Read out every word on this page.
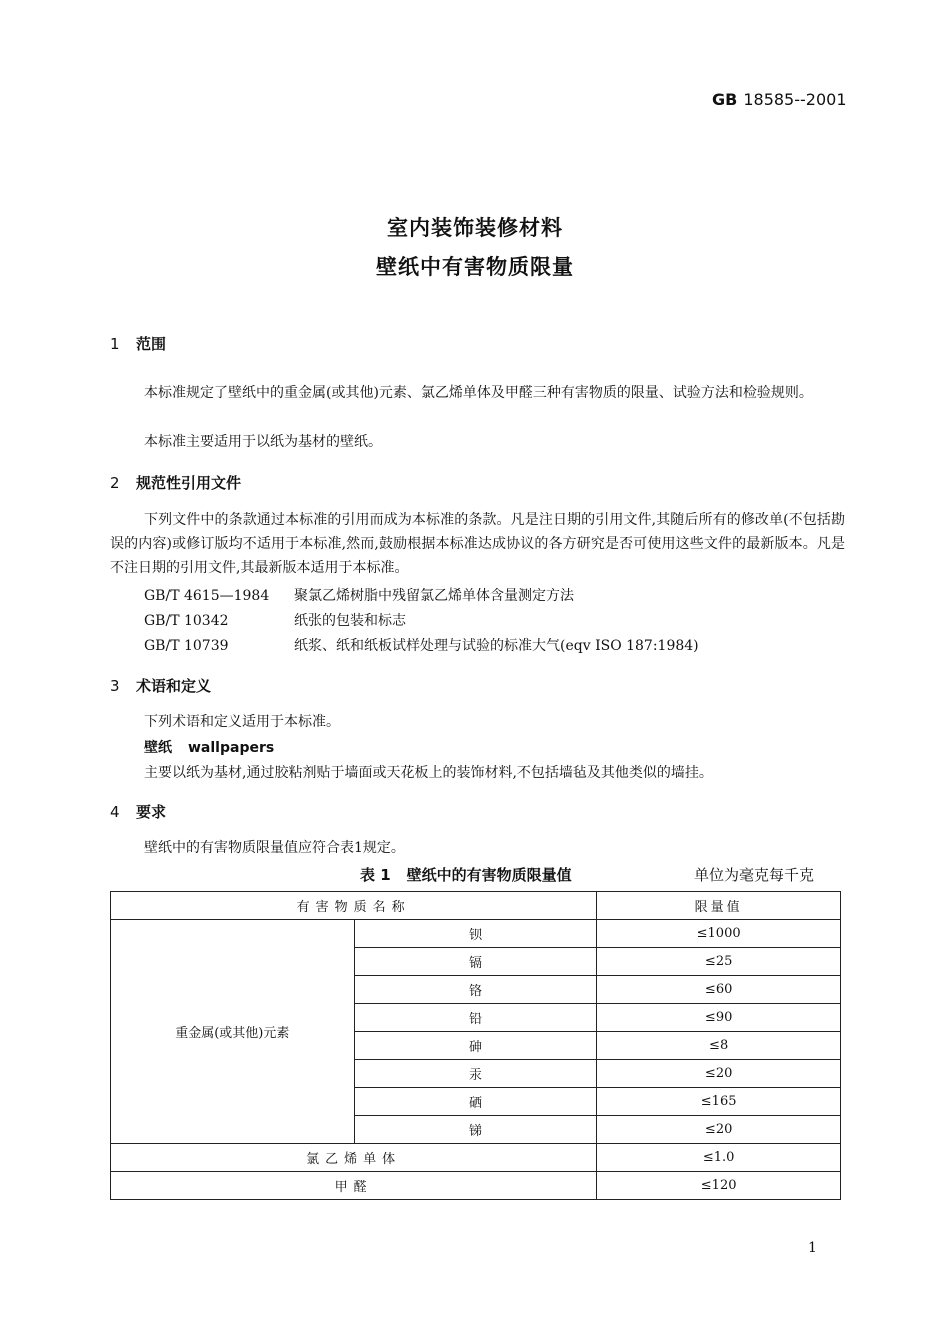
GB 18585--2001
室内装饰装修材料
壁纸中有害物质限量
1 范围
本标准规定了壁纸中的重金属(或其他)元素、氯乙烯单体及甲醛三种有害物质的限量、试验方法和检验规则。
本标准主要适用于以纸为基材的壁纸。
2 规范性引用文件
下列文件中的条款通过本标准的引用而成为本标准的条款。凡是注日期的引用文件,其随后所有的修改单(不包括勘误的内容)或修订版均不适用于本标准,然而,鼓励根据本标准达成协议的各方研究是否可使用这些文件的最新版本。凡是不注日期的引用文件,其最新版本适用于本标准。
GB/T 4615—1984 聚氯乙烯树脂中残留氯乙烯单体含量测定方法
GB/T 10342	纸张的包装和标志
GB/T 10739	纸浆、纸和纸板试样处理与试验的标准大气(eqv ISO 187:1984)
3 术语和定义
下列术语和定义适用于本标准。
壁纸 wallpapers
主要以纸为基材,通过胶粘剂贴于墙面或天花板上的装饰材料,不包括墙毡及其他类似的墙挂。
4 要求
壁纸中的有害物质限量值应符合表1规定。
表 1 壁纸中的有害物质限量值	单位为毫克每千克
有害物质名称		限量值
重金属(或其他)元素	钡	≤1000
	镉	≤25
	铬	≤60
	铅	≤90
	砷	≤8
	汞	≤20
	硒	≤165
	锑	≤20
氯乙烯单体		≤1.0
甲醛		≤120
1
